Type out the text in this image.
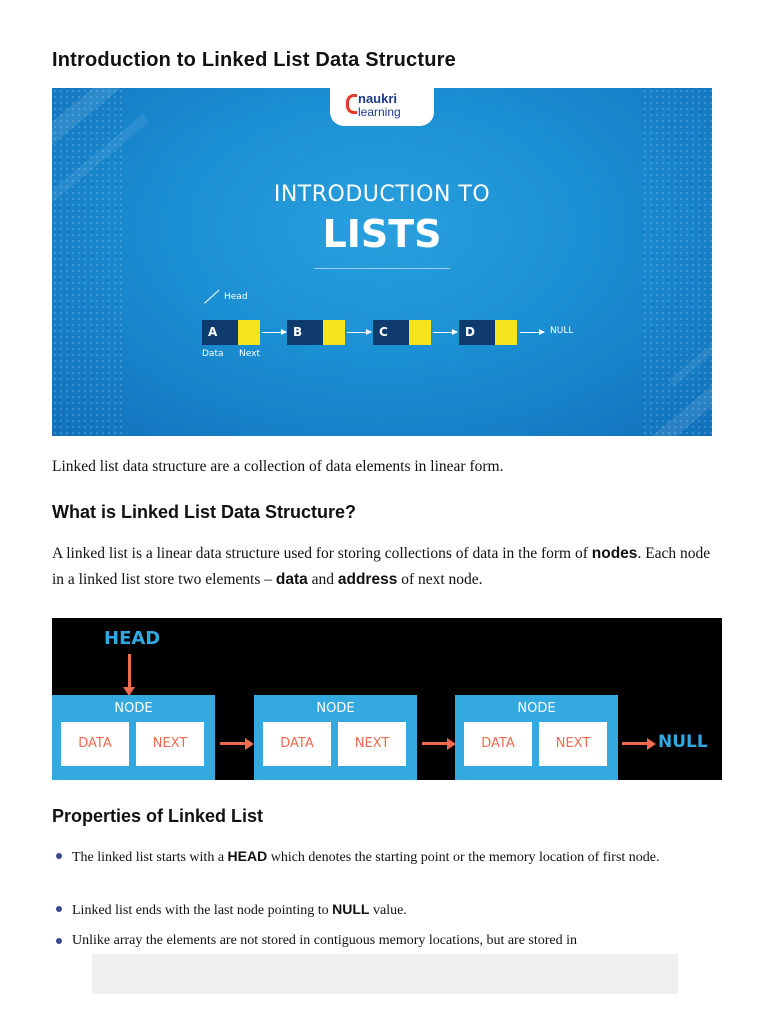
Introduction to Linked List Data Structure
naukri
learning
INTRODUCTION TO
LISTS
Head
A	B	C	D	NULL
Data Next
Linked list data structure are a collection of data elements in linear form.
What is Linked List Data Structure?
A linked list is a linear data structure used for storing collections of data in the form of nodes. Each node in a linked list store two elements – data and address of next node.
HEAD
NODE
DATA	NEXT
NODE
DATA	NEXT
NODE
DATA	NEXT	NULL
Properties of Linked List
The linked list starts with a HEAD which denotes the starting point or the memory location of first node.
Linked list ends with the last node pointing to NULL value.
Unlike array the elements are not stored in contiguous memory locations, but are stored in
